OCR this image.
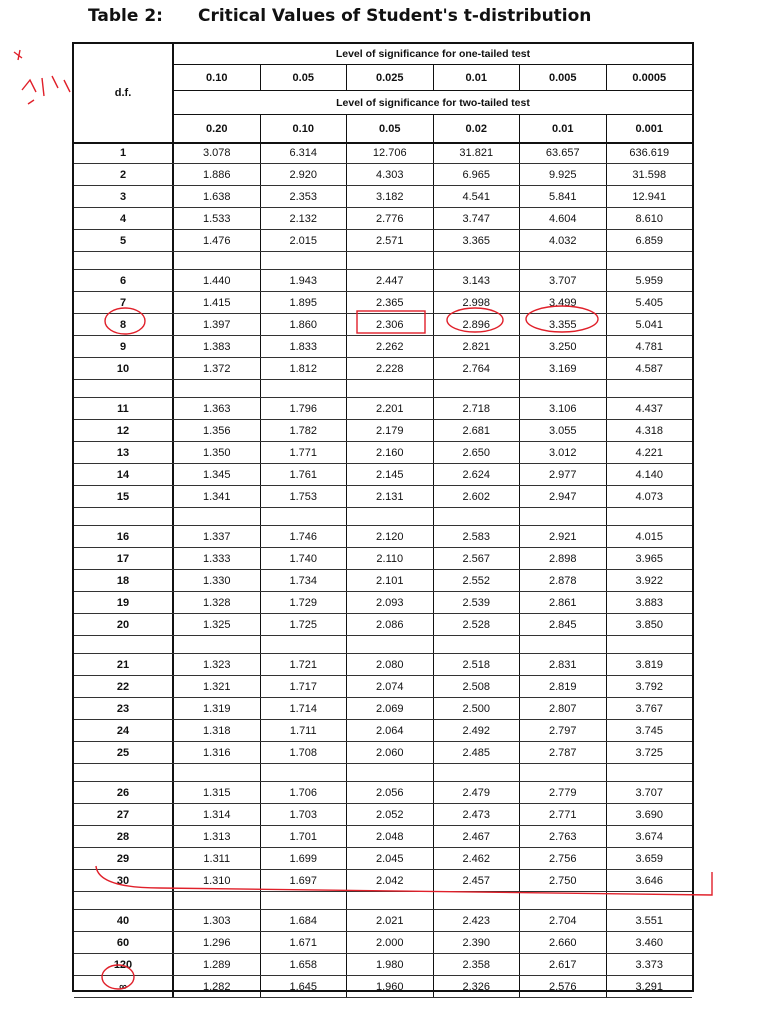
Table 2: Critical Values of Student's t-distribution
d.f.
Level of significance for one-tailed test
0.10	0.05	0.025	0.01	0.005	0.0005
Level of significance for two-tailed test
0.20	0.10	0.05	0.02	0.01	0.001
1	3.078	6.314	12.706	31.821	63.657	636.619
2	1.886	2.920	4.303	6.965	9.925	31.598
3	1.638	2.353	3.182	4.541	5.841	12.941
4	1.533	2.132	2.776	3.747	4.604	8.610
5	1.476	2.015	2.571	3.365	4.032	6.859
6	1.440	1.943	2.447	3.143	3.707	5.959
7	1.415	1.895	2.365	2.998	3.499	5.405
8	1.397	1.860	2.306	2.896	3.355	5.041
9	1.383	1.833	2.262	2.821	3.250	4.781
10	1.372	1.812	2.228	2.764	3.169	4.587
11	1.363	1.796	2.201	2.718	3.106	4.437
12	1.356	1.782	2.179	2.681	3.055	4.318
13	1.350	1.771	2.160	2.650	3.012	4.221
14	1.345	1.761	2.145	2.624	2.977	4.140
15	1.341	1.753	2.131	2.602	2.947	4.073
16	1.337	1.746	2.120	2.583	2.921	4.015
17	1.333	1.740	2.110	2.567	2.898	3.965
18	1.330	1.734	2.101	2.552	2.878	3.922
19	1.328	1.729	2.093	2.539	2.861	3.883
20	1.325	1.725	2.086	2.528	2.845	3.850
21	1.323	1.721	2.080	2.518	2.831	3.819
22	1.321	1.717	2.074	2.508	2.819	3.792
23	1.319	1.714	2.069	2.500	2.807	3.767
24	1.318	1.711	2.064	2.492	2.797	3.745
25	1.316	1.708	2.060	2.485	2.787	3.725
26	1.315	1.706	2.056	2.479	2.779	3.707
27	1.314	1.703	2.052	2.473	2.771	3.690
28	1.313	1.701	2.048	2.467	2.763	3.674
29	1.311	1.699	2.045	2.462	2.756	3.659
30	1.310	1.697	2.042	2.457	2.750	3.646
40	1.303	1.684	2.021	2.423	2.704	3.551
60	1.296	1.671	2.000	2.390	2.660	3.460
120	1.289	1.658	1.980	2.358	2.617	3.373
∞	1.282	1.645	1.960	2.326	2.576	3.291
